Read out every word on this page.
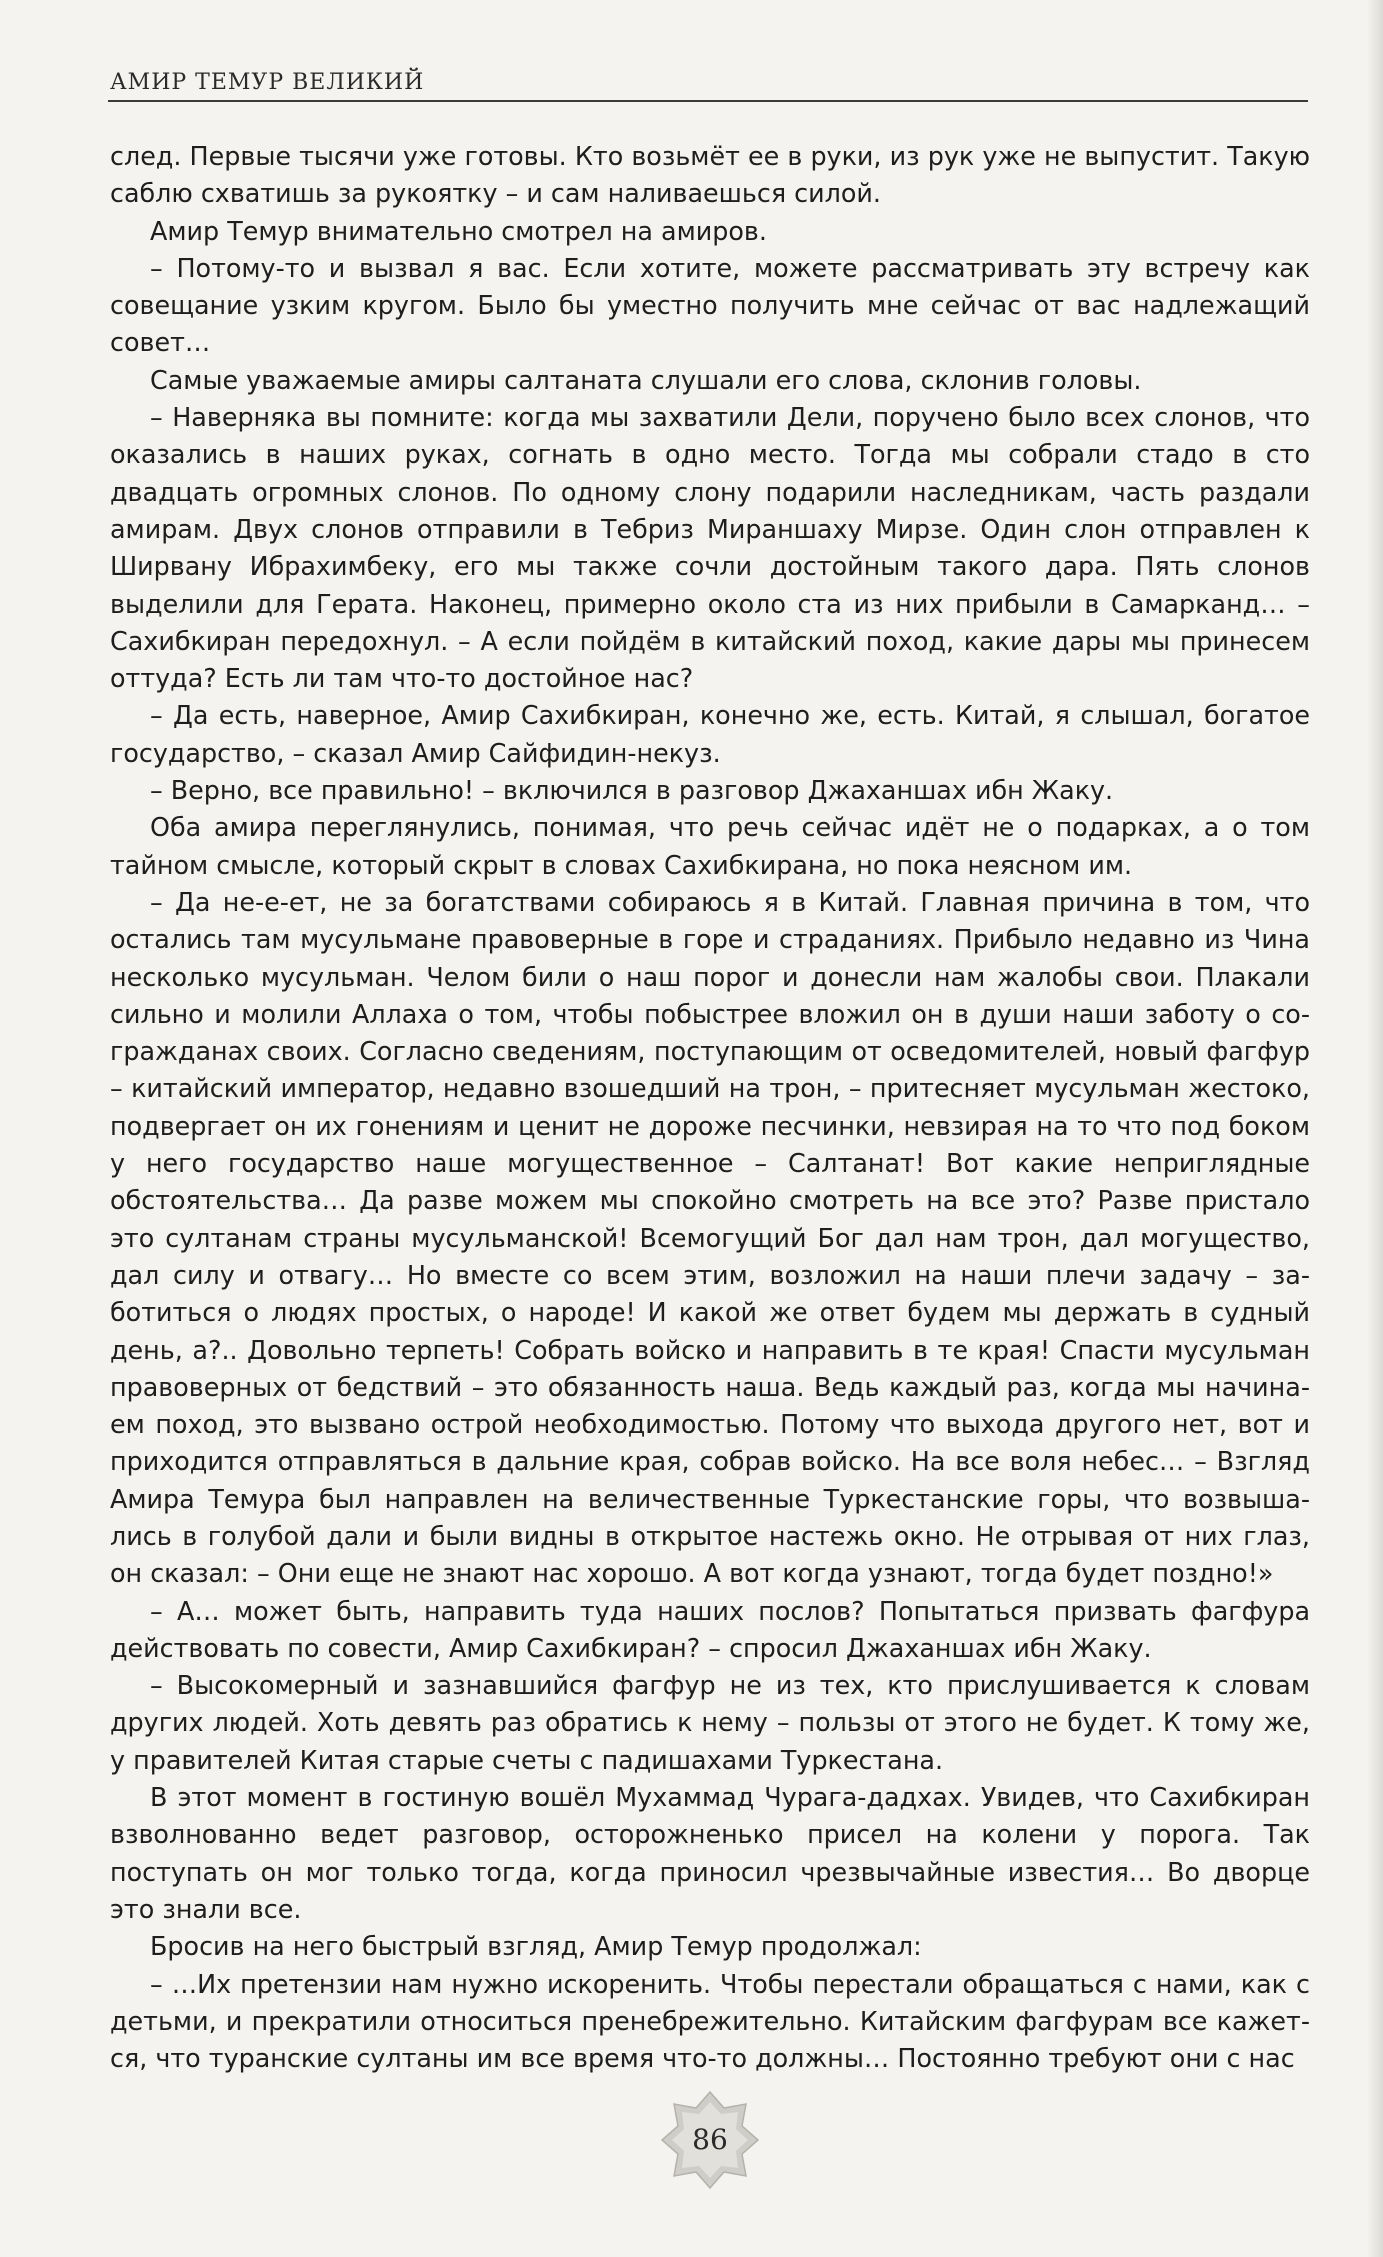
АМИР ТЕМУР ВЕЛИКИЙ

след. Первые тысячи уже готовы. Кто возьмёт ее в руки, из рук уже не выпустит. Такую саблю схватишь за рукоятку – и сам наливаешься силой.

Амир Темур внимательно смотрел на амиров.

– Потому-то и вызвал я вас. Если хотите, можете рассматривать эту встречу как совещание узким кругом. Было бы уместно получить мне сейчас от вас надлежащий совет…

Самые уважаемые амиры салтаната слушали его слова, склонив головы.

– Наверняка вы помните: когда мы захватили Дели, поручено было всех слонов, что оказались в наших руках, согнать в одно место. Тогда мы собрали стадо в сто двадцать огромных слонов. По одному слону подарили наследникам, часть раздали амирам. Двух слонов отправили в Тебриз Мираншаху Мирзе. Один слон отправлен к Ширвану Ибрахимбеку, его мы также сочли достойным такого дара. Пять слонов выделили для Герата. Наконец, примерно около ста из них прибыли в Самарканд… – Сахибкиран передохнул. – А если пойдём в китайский поход, какие дары мы принесем оттуда? Есть ли там что-то достойное нас?

– Да есть, наверное, Амир Сахибкиран, конечно же, есть. Китай, я слышал, богатое государство, – сказал Амир Сайфидин-некуз.

– Верно, все правильно! – включился в разговор Джаханшах ибн Жаку.

Оба амира переглянулись, понимая, что речь сейчас идёт не о подарках, а о том тайном смысле, который скрыт в словах Сахибкирана, но пока неясном им.

– Да не-е-ет, не за богатствами собираюсь я в Китай. Главная причина в том, что остались там мусульмане правоверные в горе и страданиях. Прибыло недавно из Чина несколько мусульман. Челом били о наш порог и донесли нам жалобы свои. Плакали сильно и молили Аллаха о том, чтобы побыстрее вложил он в души наши заботу о согражданах своих. Согласно сведениям, поступающим от осведомителей, новый фагфур – китайский император, недавно взошедший на трон, – притесняет мусульман жестоко, подвергает он их гонениям и ценит не дороже песчинки, невзирая на то что под боком у него государство наше могущественное – Салтанат! Вот какие неприглядные обстоятельства… Да разве можем мы спокойно смотреть на все это? Разве пристало это султанам страны мусульманской! Всемогущий Бог дал нам трон, дал могущество, дал силу и отвагу… Но вместе со всем этим, возложил на наши плечи задачу – заботиться о людях простых, о народе! И какой же ответ будем мы держать в судный день, а?.. Довольно терпеть! Собрать войско и направить в те края! Спасти мусульман правоверных от бедствий – это обязанность наша. Ведь каждый раз, когда мы начинаем поход, это вызвано острой необходимостью. Потому что выхода другого нет, вот и приходится отправляться в дальние края, собрав войско. На все воля небес… – Взгляд Амира Темура был направлен на величественные Туркестанские горы, что возвышались в голубой дали и были видны в открытое настежь окно. Не отрывая от них глаз, он сказал: – Они еще не знают нас хорошо. А вот когда узнают, тогда будет поздно!»

– А… может быть, направить туда наших послов? Попытаться призвать фагфура действовать по совести, Амир Сахибкиран? – спросил Джаханшах ибн Жаку.

– Высокомерный и зазнавшийся фагфур не из тех, кто прислушивается к словам других людей. Хоть девять раз обратись к нему – пользы от этого не будет. К тому же, у правителей Китая старые счеты с падишахами Туркестана.

В этот момент в гостиную вошёл Мухаммад Чурага-дадхах. Увидев, что Сахибкиран взволнованно ведет разговор, осторожненько присел на колени у порога. Так поступать он мог только тогда, когда приносил чрезвычайные известия… Во дворце это знали все.

Бросив на него быстрый взгляд, Амир Темур продолжал:

– …Их претензии нам нужно искоренить. Чтобы перестали обращаться с нами, как с детьми, и прекратили относиться пренебрежительно. Китайским фагфурам все кажется, что туранские султаны им все время что-то должны… Постоянно требуют они с нас

86
